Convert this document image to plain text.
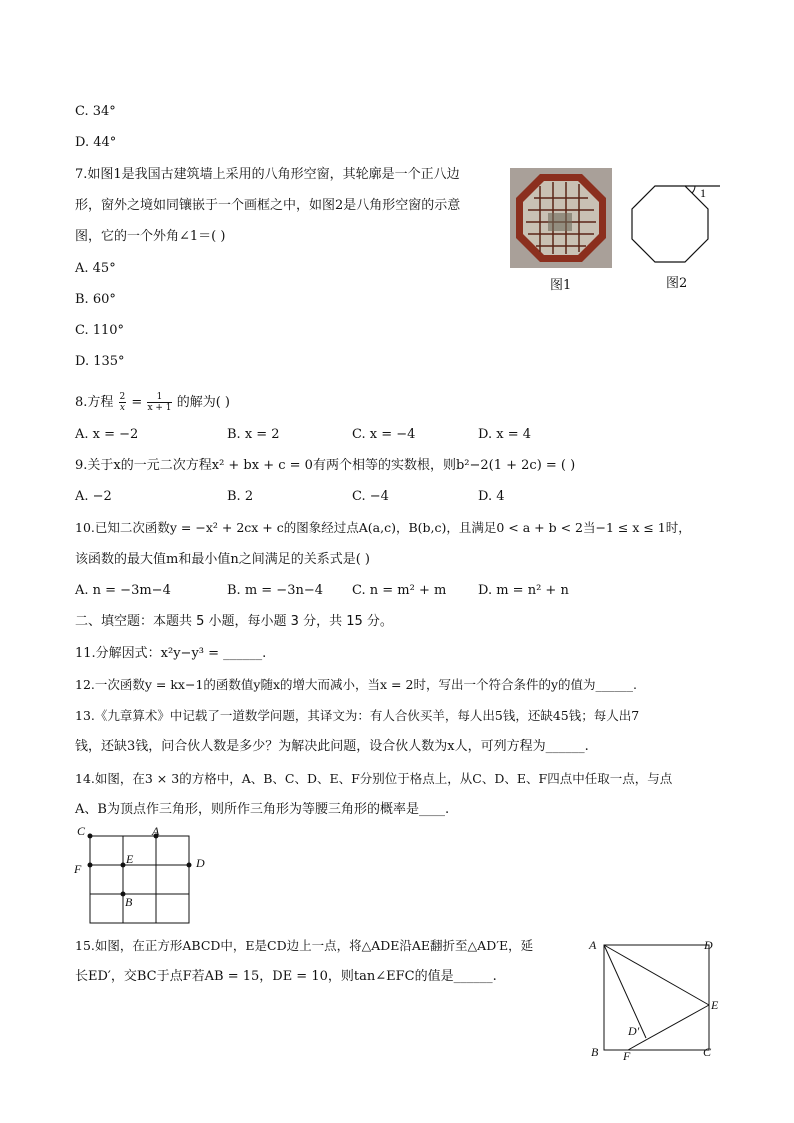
C. 34°
D. 44°
7.如图1是我国古建筑墙上采用的八角形空窗，其轮廓是一个正八边
形，窗外之境如同镶嵌于一个画框之中，如图2是八角形空窗的示意
图，它的一个外角∠1＝( )
A. 45°
B. 60°
C. 110°
D. 135°
图1
1
图2
8.方程 $\frac{2}{x} = \frac{1}{x + 1}$ 的解为( )
A. x = −2	B. x = 2	C. x = −4	D. x = 4
9.关于x的一元二次方程x² + bx + c = 0有两个相等的实数根，则b²−2(1 + 2c) = ( )
A. −2	B. 2	C. −4	D. 4
10.已知二次函数y = −x² + 2cx + c的图象经过点A(a,c)，B(b,c)，且满足0 < a + b < 2当−1 ≤ x ≤ 1时，
该函数的最大值m和最小值n之间满足的关系式是( )
A. n = −3m−4	B. m = −3n−4 C. n = m² + m D. m = n² + n
二、填空题：本题共 5 小题，每小题 3 分，共 15 分。
11.分解因式：x²y−y³ = ______.
12.一次函数y = kx−1的函数值y随x的增大而减小，当x = 2时，写出一个符合条件的y的值为______.
13.《九章算术》中记载了一道数学问题，其译文为：有人合伙买羊，每人出5钱，还缺45钱；每人出7
钱，还缺3钱，问合伙人数是多少？为解决此问题，设合伙人数为x人，可列方程为______.
14.如图，在3 × 3的方格中，A、B、C、D、E、F分别位于格点上，从C、D、E、F四点中任取一点，与点
A、B为顶点作三角形，则所作三角形为等腰三角形的概率是____.
C	A
F
E	D
B
15.如图，在正方形ABCD中，E是CD边上一点，将△ADE沿AE翻折至△AD′E，延
长ED′，交BC于点F若AB = 15，DE = 10，则tan∠EFC的值是______.
A	D
E
D′
B F	C
